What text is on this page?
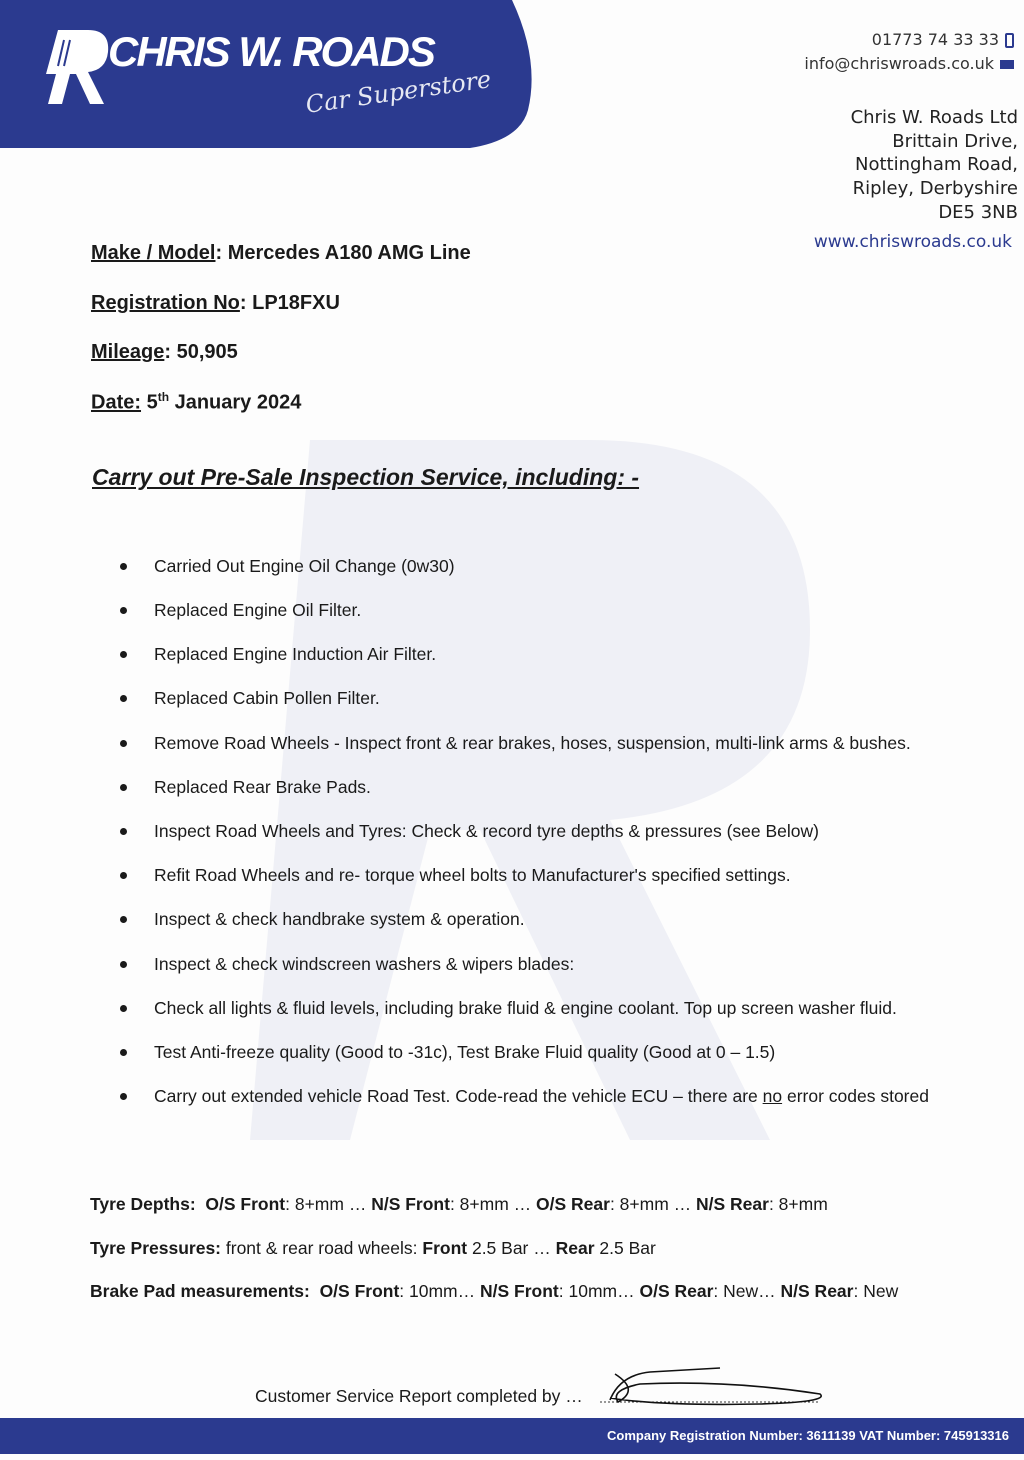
CHRIS W. ROADS
Car Superstore
01773 74 33 33
info@chriswroads.co.uk
Chris W. Roads Ltd
Brittain Drive,
Nottingham Road,
Ripley, Derbyshire
DE5 3NB
www.chriswroads.co.uk
Make / Model: Mercedes A180 AMG Line
Registration No: LP18FXU
Mileage: 50,905
Date: 5th January 2024
Carry out Pre-Sale Inspection Service, including: -
Carried Out Engine Oil Change (0w30)
Replaced Engine Oil Filter.
Replaced Engine Induction Air Filter.
Replaced Cabin Pollen Filter.
Remove Road Wheels - Inspect front & rear brakes, hoses, suspension, multi-link arms & bushes.
Replaced Rear Brake Pads.
Inspect Road Wheels and Tyres: Check & record tyre depths & pressures (see Below)
Refit Road Wheels and re- torque wheel bolts to Manufacturer's specified settings.
Inspect & check handbrake system & operation.
Inspect & check windscreen washers & wipers blades:
Check all lights & fluid levels, including brake fluid & engine coolant. Top up screen washer fluid.
Test Anti-freeze quality (Good to -31c), Test Brake Fluid quality (Good at 0 – 1.5)
Carry out extended vehicle Road Test. Code-read the vehicle ECU – there are no error codes stored
Tyre Depths: O/S Front: 8+mm … N/S Front: 8+mm … O/S Rear: 8+mm … N/S Rear: 8+mm
Tyre Pressures: front & rear road wheels: Front 2.5 Bar … Rear 2.5 Bar
Brake Pad measurements: O/S Front: 10mm… N/S Front: 10mm… O/S Rear: New… N/S Rear: New
Customer Service Report completed by …
Company Registration Number: 3611139 VAT Number: 745913316
